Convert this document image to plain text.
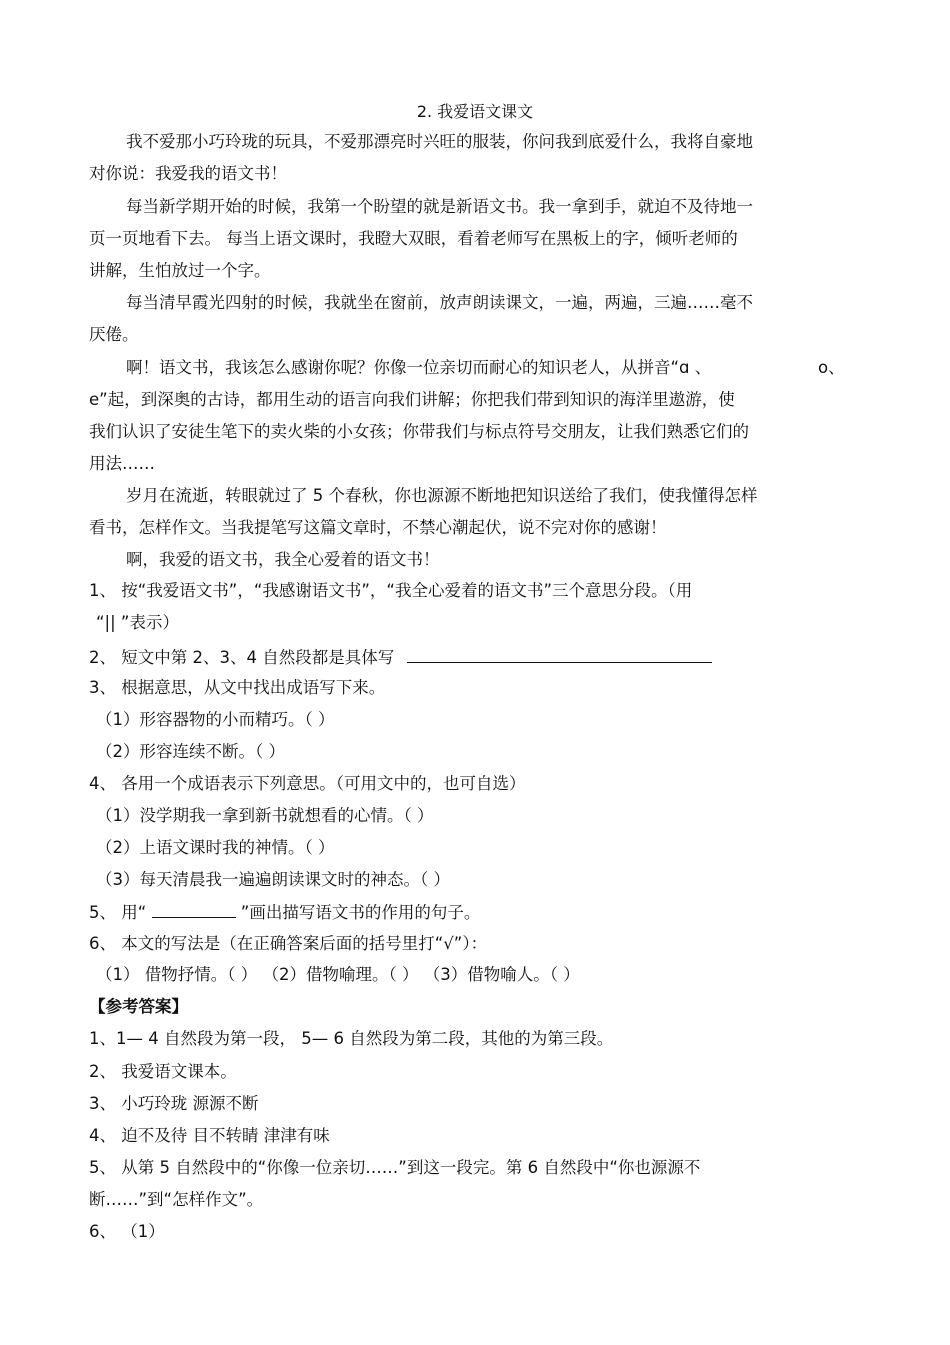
2. 我爱语文课文
我不爱那小巧玲珑的玩具，不爱那漂亮时兴旺的服装，你问我到底爱什么，我将自豪地
对你说：我爱我的语文书！
每当新学期开始的时候，我第一个盼望的就是新语文书。我一拿到手，就迫不及待地一
页一页地看下去。 每当上语文课时，我瞪大双眼，看着老师写在黑板上的字，倾听老师的
讲解，生怕放过一个字。
每当清早霞光四射的时候，我就坐在窗前，放声朗读课文，一遍，两遍，三遍……毫不
厌倦。
啊！语文书，我该怎么感谢你呢？你像一位亲切而耐心的知识老人，从拼音“ɑ 、	o、
e”起，到深奥的古诗，都用生动的语言向我们讲解；你把我们带到知识的海洋里遨游，使
我们认识了安徒生笔下的卖火柴的小女孩；你带我们与标点符号交朋友，让我们熟悉它们的
用法……
岁月在流逝，转眼就过了 5 个春秋，你也源源不断地把知识送给了我们，使我懂得怎样
看书，怎样作文。当我提笔写这篇文章时，不禁心潮起伏，说不完对你的感谢！
啊，我爱的语文书，我全心爱着的语文书！
1、 按“我爱语文书”，“我感谢语文书”，“我全心爱着的语文书”三个意思分段。（用
“|| ”表示）
2、 短文中第 2、3、4 自然段都是具体写
3、 根据意思，从文中找出成语写下来。
（1）形容器物的小而精巧。（ ）
（2）形容连续不断。（ ）
4、 各用一个成语表示下列意思。（可用文中的，也可自选）
（1）没学期我一拿到新书就想看的心情。（ ）
（2）上语文课时我的神情。（ ）
（3）每天清晨我一遍遍朗读课文时的神态。（ ）
5、 用“	”画出描写语文书的作用的句子。
6、 本文的写法是（在正确答案后面的括号里打“√”）：
（1） 借物抒情。（ ） （2）借物喻理。（ ） （3）借物喻人。（ ）
【参考答案】
1、1— 4 自然段为第一段， 5— 6 自然段为第二段，其他的为第三段。
2、 我爱语文课本。
3、 小巧玲珑 源源不断
4、 迫不及待 目不转睛 津津有味
5、 从第 5 自然段中的“你像一位亲切……”到这一段完。第 6 自然段中“你也源源不
断……”到“怎样作文”。
6、 （1）
